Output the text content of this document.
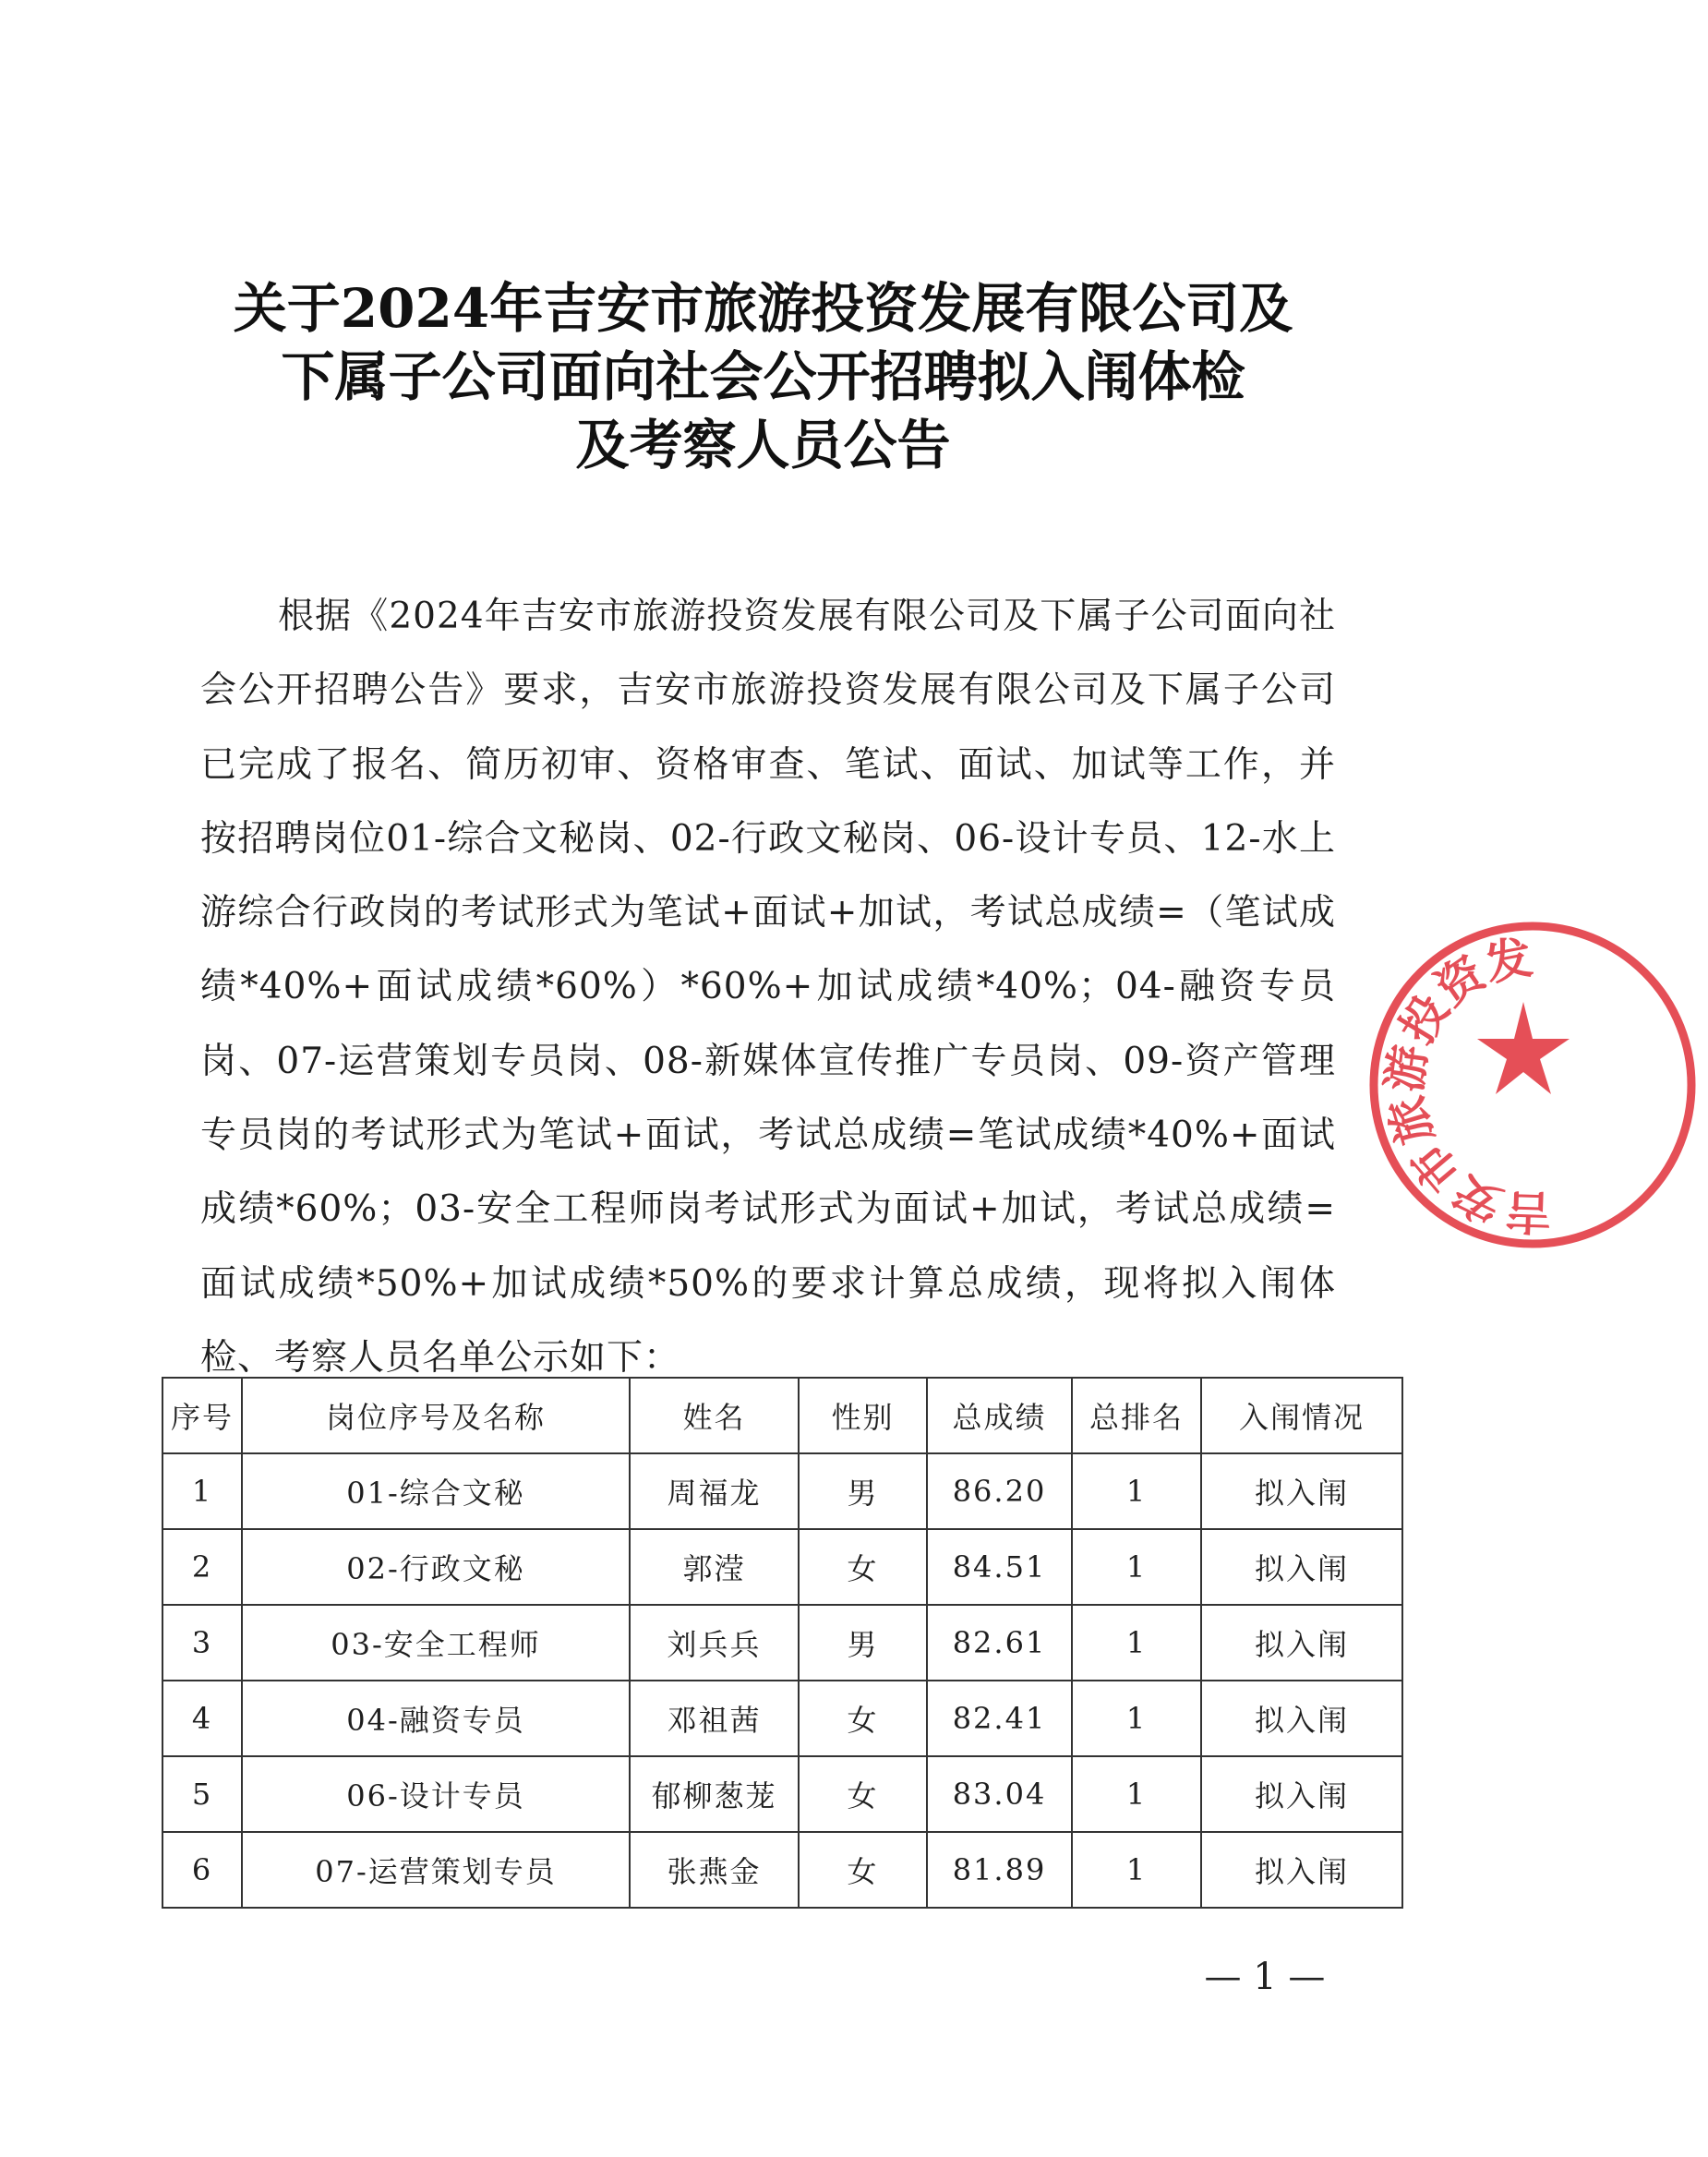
关于2024年吉安市旅游投资发展有限公司及
下属子公司面向社会公开招聘拟入闱体检
及考察人员公告
根据《2024年吉安市旅游投资发展有限公司及下属子公司面向社会公开招聘公告》要求，吉安市旅游投资发展有限公司及下属子公司已完成了报名、简历初审、资格审查、笔试、面试、加试等工作，并按招聘岗位01-综合文秘岗、02-行政文秘岗、06-设计专员、12-水上游综合行政岗的考试形式为笔试+面试+加试，考试总成绩=（笔试成绩*40%+面试成绩*60%）*60%+加试成绩*40%；04-融资专员岗、07-运营策划专员岗、08-新媒体宣传推广专员岗、09-资产管理专员岗的考试形式为笔试+面试，考试总成绩=笔试成绩*40%+面试成绩*60%；03-安全工程师岗考试形式为面试+加试，考试总成绩=面试成绩*50%+加试成绩*50%的要求计算总成绩，现将拟入闱体检、考察人员名单公示如下：
序号	岗位序号及名称	姓名	性别	总成绩	总排名	入闱情况
1	01-综合文秘	周福龙	男	86.20	1	拟入闱
2	02-行政文秘	郭滢	女	84.51	1	拟入闱
3	03-安全工程师	刘兵兵	男	82.61	1	拟入闱
4	04-融资专员	邓祖茜	女	82.41	1	拟入闱
5	06-设计专员	郁柳葱茏	女	83.04	1	拟入闱
6	07-运营策划专员	张燕金	女	81.89	1	拟入闱
吉安市旅游投资发展
— 1 —
